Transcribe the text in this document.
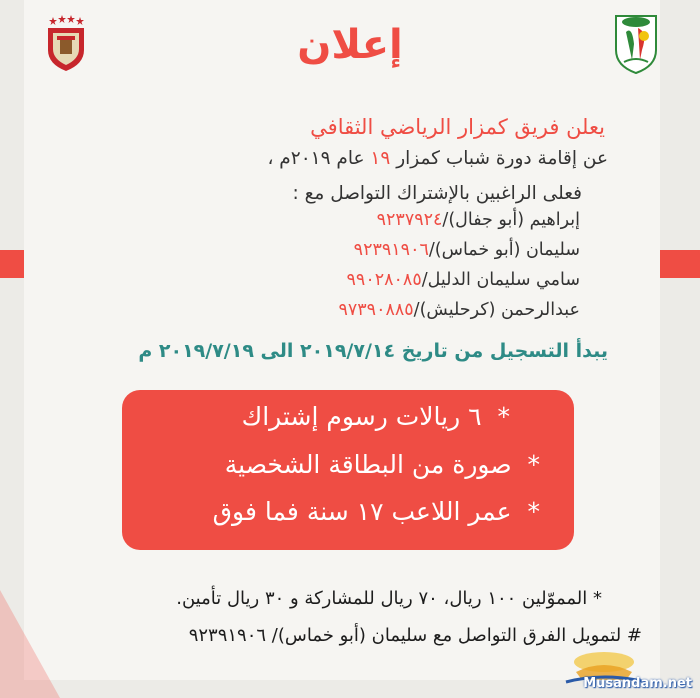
إعلان
يعلن فريق كمزار الرياضي الثقافي
عن إقامة دورة شباب كمزار ١٩ عام ٢٠١٩م ،
فعلى الراغبين بالإشتراك التواصل مع :
إبراهيم (أبو جفال)/٩٢٣٧٩٢٤
سليمان (أبو خماس)/٩٢٣٩١٩٠٦
سامي سليمان الدليل/٩٩٠٢٨٠٨٥
عبدالرحمن (كرحليش)/٩٧٣٩٠٨٨٥
يبدأ التسجيل من تاريخ ٢٠١٩/٧/١٤ الى ٢٠١٩/٧/١٩ م
* ٦ ريالات رسوم إشتراك
* صورة من البطاقة الشخصية
* عمر اللاعب ١٧ سنة فما فوق
* المموّلين ١٠٠ ريال، ٧٠ ريال للمشاركة و ٣٠ ريال تأمين.
# لتمويل الفرق التواصل مع سليمان (أبو خماس)/ ٩٢٣٩١٩٠٦
Musandam.net
